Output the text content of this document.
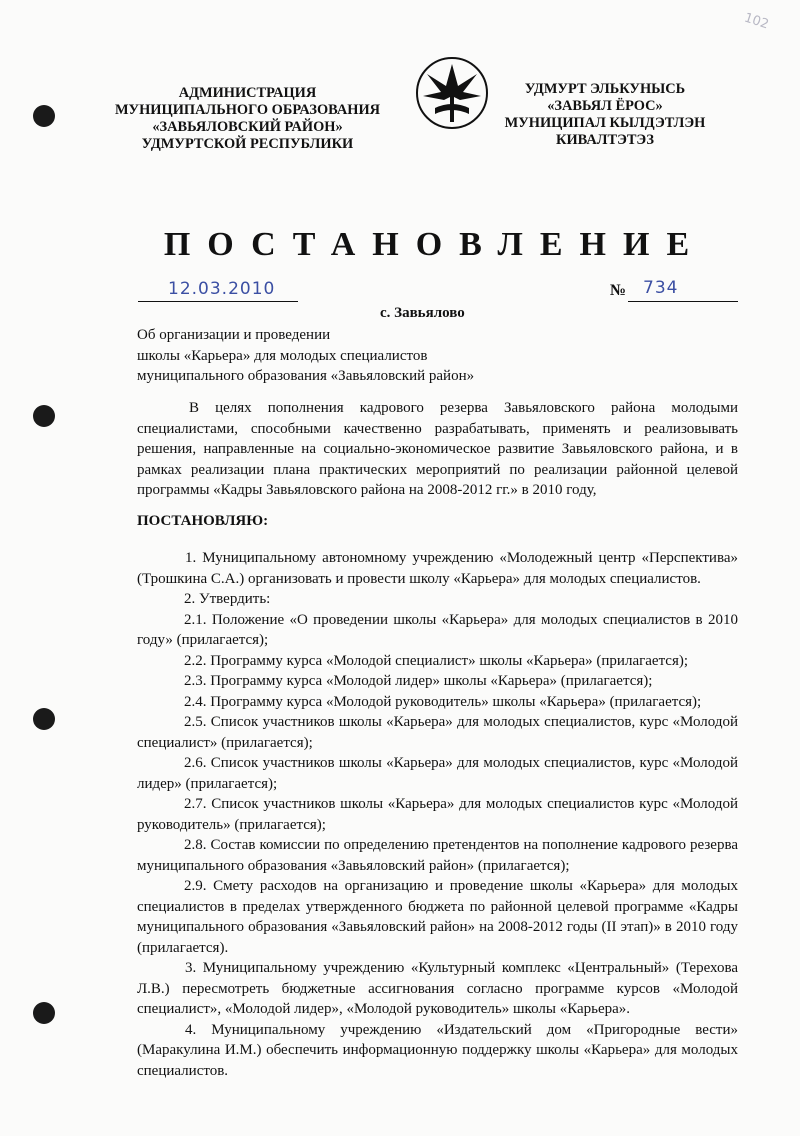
102
АДМИНИСТРАЦИЯ
МУНИЦИПАЛЬНОГО ОБРАЗОВАНИЯ
«ЗАВЬЯЛОВСКИЙ РАЙОН»
УДМУРТСКОЙ РЕСПУБЛИКИ
УДМУРТ ЭЛЬКУНЫСЬ
«ЗАВЬЯЛ ЁРОС»
МУНИЦИПАЛ КЫЛДЭТЛЭН
КИВАЛТЭТЭЗ
ПОСТАНОВЛЕНИЕ
12.03.2010	№ 734
с. Завьялово
Об организации и проведении
школы «Карьера» для молодых специалистов
муниципального образования «Завьяловский район»
В целях пополнения кадрового резерва Завьяловского района молодыми специалистами, способными качественно разрабатывать, применять и реализовывать решения, направленные на социально-экономическое развитие Завьяловского района, и в рамках реализации плана практических мероприятий по реализации районной целевой программы «Кадры Завьяловского района на 2008-2012 гг.» в 2010 году,
ПОСТАНОВЛЯЮ:

1. Муниципальному автономному учреждению «Молодежный центр «Перспектива» (Трошкина С.А.) организовать и провести школу «Карьера» для молодых специалистов.

2. Утвердить:

2.1. Положение «О проведении школы «Карьера» для молодых специалистов в 2010 году» (прилагается);

2.2. Программу курса «Молодой специалист» школы «Карьера» (прилагается);

2.3. Программу курса «Молодой лидер» школы «Карьера» (прилагается);

2.4. Программу курса «Молодой руководитель» школы «Карьера» (прилагается);

2.5. Список участников школы «Карьера» для молодых специалистов, курс «Молодой специалист» (прилагается);

2.6. Список участников школы «Карьера» для молодых специалистов, курс «Молодой лидер» (прилагается);

2.7. Список участников школы «Карьера» для молодых специалистов курс «Молодой руководитель» (прилагается);

2.8. Состав комиссии по определению претендентов на пополнение кадрового резерва муниципального образования «Завьяловский район» (прилагается);

2.9. Смету расходов на организацию и проведение школы «Карьера» для молодых специалистов в пределах утвержденного бюджета по районной целевой программе «Кадры муниципального образования «Завьяловский район» на 2008-2012 годы (II этап)» в 2010 году (прилагается).

3. Муниципальному учреждению «Культурный комплекс «Центральный» (Терехова Л.В.) пересмотреть бюджетные ассигнования согласно программе курсов «Молодой специалист», «Молодой лидер», «Молодой руководитель» школы «Карьера».

4. Муниципальному учреждению «Издательский дом «Пригородные вести» (Маракулина И.М.) обеспечить информационную поддержку школы «Карьера» для молодых специалистов.
